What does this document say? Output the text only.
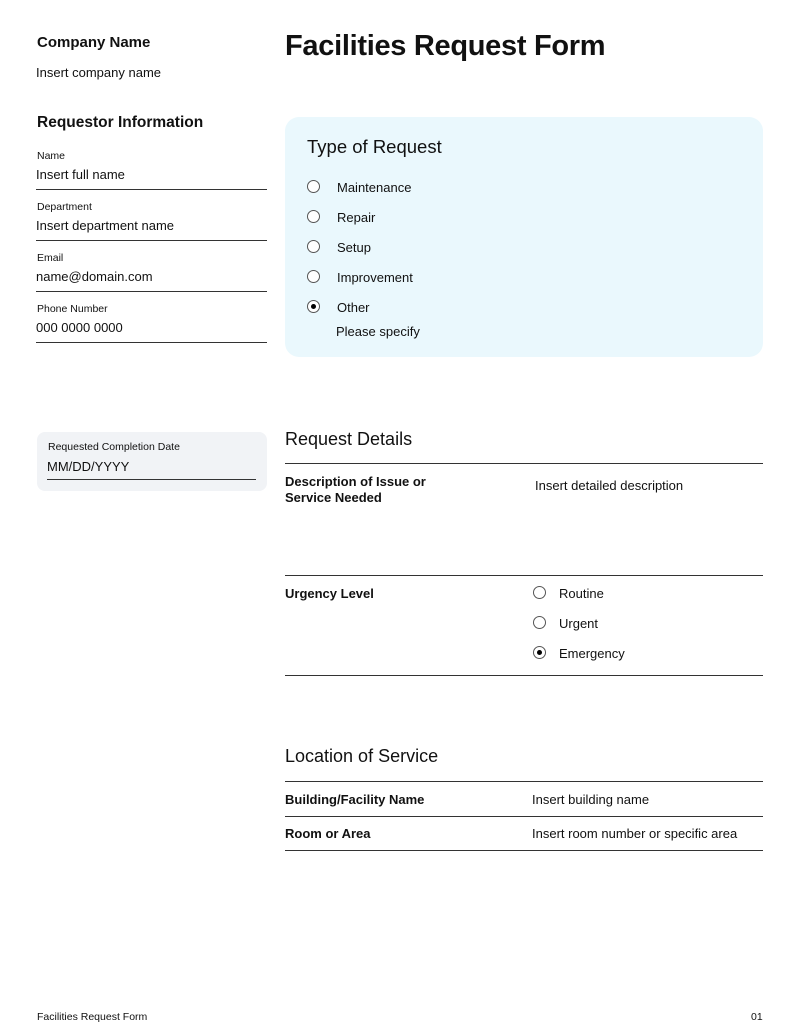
Company Name
Insert company name
Facilities Request Form
Requestor Information
Name
Insert full name
Department
Insert department name
Email
name@domain.com
Phone Number
000 0000 0000
Type of Request
Maintenance
Repair
Setup
Improvement
Other
Please specify
Requested Completion Date
MM/DD/YYYY
Request Details
Description of Issue or Service Needed
Insert detailed description
Urgency Level	Routine
Urgent
Emergency
Location of Service
Building/Facility Name	Insert building name
Room or Area	Insert room number or specific area
Facilities Request Form	01
